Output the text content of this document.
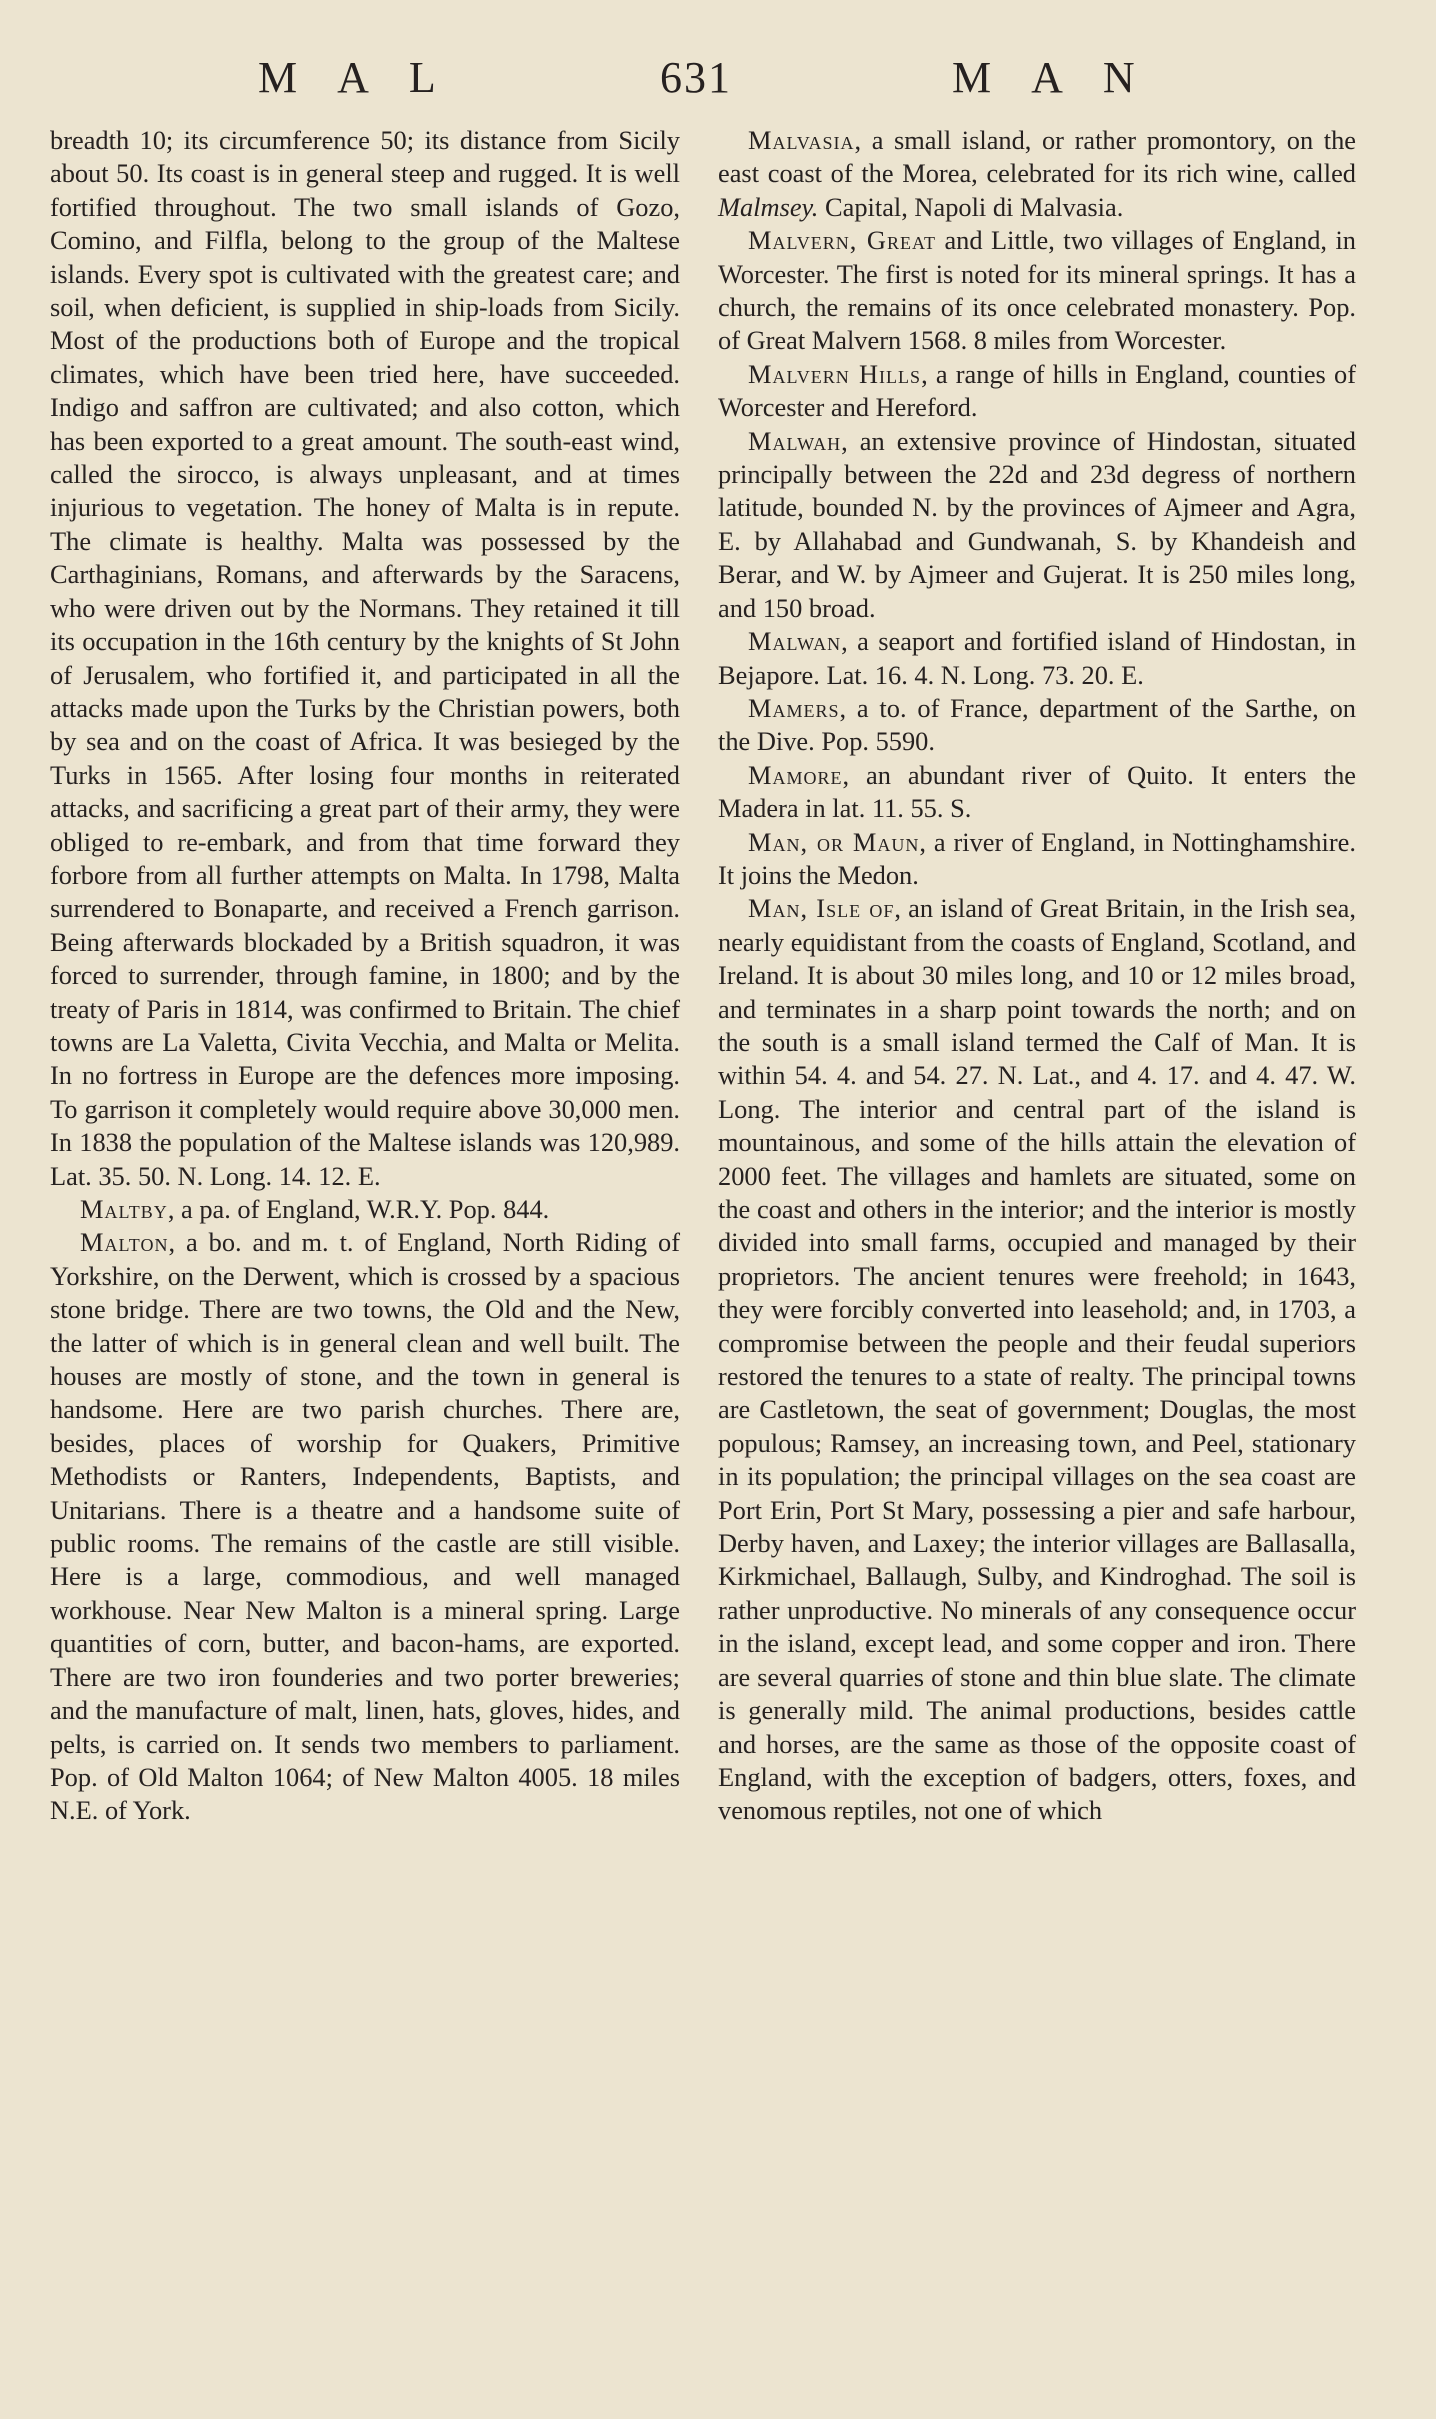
MAL	631	MAN

breadth 10; its circumference 50; its distance from Sicily about 50. Its coast is in general steep and rugged. It is well fortified throughout. The two small islands of Gozo, Comino, and Filfla, belong to the group of the Maltese islands. Every spot is cultivated with the greatest care; and soil, when deficient, is supplied in ship-loads from Sicily. Most of the productions both of Europe and the tropical climates, which have been tried here, have succeeded. Indigo and saffron are cultivated; and also cotton, which has been exported to a great amount. The south-east wind, called the sirocco, is always unpleasant, and at times injurious to vegetation. The honey of Malta is in repute. The climate is healthy. Malta was possessed by the Carthaginians, Romans, and afterwards by the Saracens, who were driven out by the Normans. They retained it till its occupation in the 16th century by the knights of St John of Jerusalem, who fortified it, and participated in all the attacks made upon the Turks by the Christian powers, both by sea and on the coast of Africa. It was besieged by the Turks in 1565. After losing four months in reiterated attacks, and sacrificing a great part of their army, they were obliged to re-embark, and from that time forward they forbore from all further attempts on Malta. In 1798, Malta surrendered to Bonaparte, and received a French garrison. Being afterwards blockaded by a British squadron, it was forced to surrender, through famine, in 1800; and by the treaty of Paris in 1814, was confirmed to Britain. The chief towns are La Valetta, Civita Vecchia, and Malta or Melita. In no fortress in Europe are the defences more imposing. To garrison it completely would require above 30,000 men. In 1838 the population of the Maltese islands was 120,989. Lat. 35. 50. N. Long. 14. 12. E.

Maltby, a pa. of England, W.R.Y. Pop. 844.

Malton, a bo. and m. t. of England, North Riding of Yorkshire, on the Derwent, which is crossed by a spacious stone bridge. There are two towns, the Old and the New, the latter of which is in general clean and well built. The houses are mostly of stone, and the town in general is handsome. Here are two parish churches. There are, besides, places of worship for Quakers, Primitive Methodists or Ranters, Independents, Baptists, and Unitarians. There is a theatre and a handsome suite of public rooms. The remains of the castle are still visible. Here is a large, commodious, and well managed workhouse. Near New Malton is a mineral spring. Large quantities of corn, butter, and bacon-hams, are exported. There are two iron founderies and two porter breweries; and the manufacture of malt, linen, hats, gloves, hides, and pelts, is carried on. It sends two members to parliament. Pop. of Old Malton 1064; of New Malton 4005. 18 miles N.E. of York.

Malvasia, a small island, or rather promontory, on the east coast of the Morea, celebrated for its rich wine, called Malmsey. Capital, Napoli di Malvasia.

Malvern, Great and Little, two villages of England, in Worcester. The first is noted for its mineral springs. It has a church, the remains of its once celebrated monastery. Pop. of Great Malvern 1568. 8 miles from Worcester.

Malvern Hills, a range of hills in England, counties of Worcester and Hereford.

Malwah, an extensive province of Hindostan, situated principally between the 22d and 23d degress of northern latitude, bounded N. by the provinces of Ajmeer and Agra, E. by Allahabad and Gundwanah, S. by Khandeish and Berar, and W. by Ajmeer and Gujerat. It is 250 miles long, and 150 broad.

Malwan, a seaport and fortified island of Hindostan, in Bejapore. Lat. 16. 4. N. Long. 73. 20. E.

Mamers, a to. of France, department of the Sarthe, on the Dive. Pop. 5590.

Mamore, an abundant river of Quito. It enters the Madera in lat. 11. 55. S.

Man, or Maun, a river of England, in Nottinghamshire. It joins the Medon.

Man, Isle of, an island of Great Britain, in the Irish sea, nearly equidistant from the coasts of England, Scotland, and Ireland. It is about 30 miles long, and 10 or 12 miles broad, and terminates in a sharp point towards the north; and on the south is a small island termed the Calf of Man. It is within 54. 4. and 54. 27. N. Lat., and 4. 17. and 4. 47. W. Long. The interior and central part of the island is mountainous, and some of the hills attain the elevation of 2000 feet. The villages and hamlets are situated, some on the coast and others in the interior; and the interior is mostly divided into small farms, occupied and managed by their proprietors. The ancient tenures were freehold; in 1643, they were forcibly converted into leasehold; and, in 1703, a compromise between the people and their feudal superiors restored the tenures to a state of realty. The principal towns are Castletown, the seat of government; Douglas, the most populous; Ramsey, an increasing town, and Peel, stationary in its population; the principal villages on the sea coast are Port Erin, Port St Mary, possessing a pier and safe harbour, Derby haven, and Laxey; the interior villages are Ballasalla, Kirkmichael, Ballaugh, Sulby, and Kindroghad. The soil is rather unproductive. No minerals of any consequence occur in the island, except lead, and some copper and iron. There are several quarries of stone and thin blue slate. The climate is generally mild. The animal productions, besides cattle and horses, are the same as those of the opposite coast of England, with the exception of badgers, otters, foxes, and venomous reptiles, not one of which
